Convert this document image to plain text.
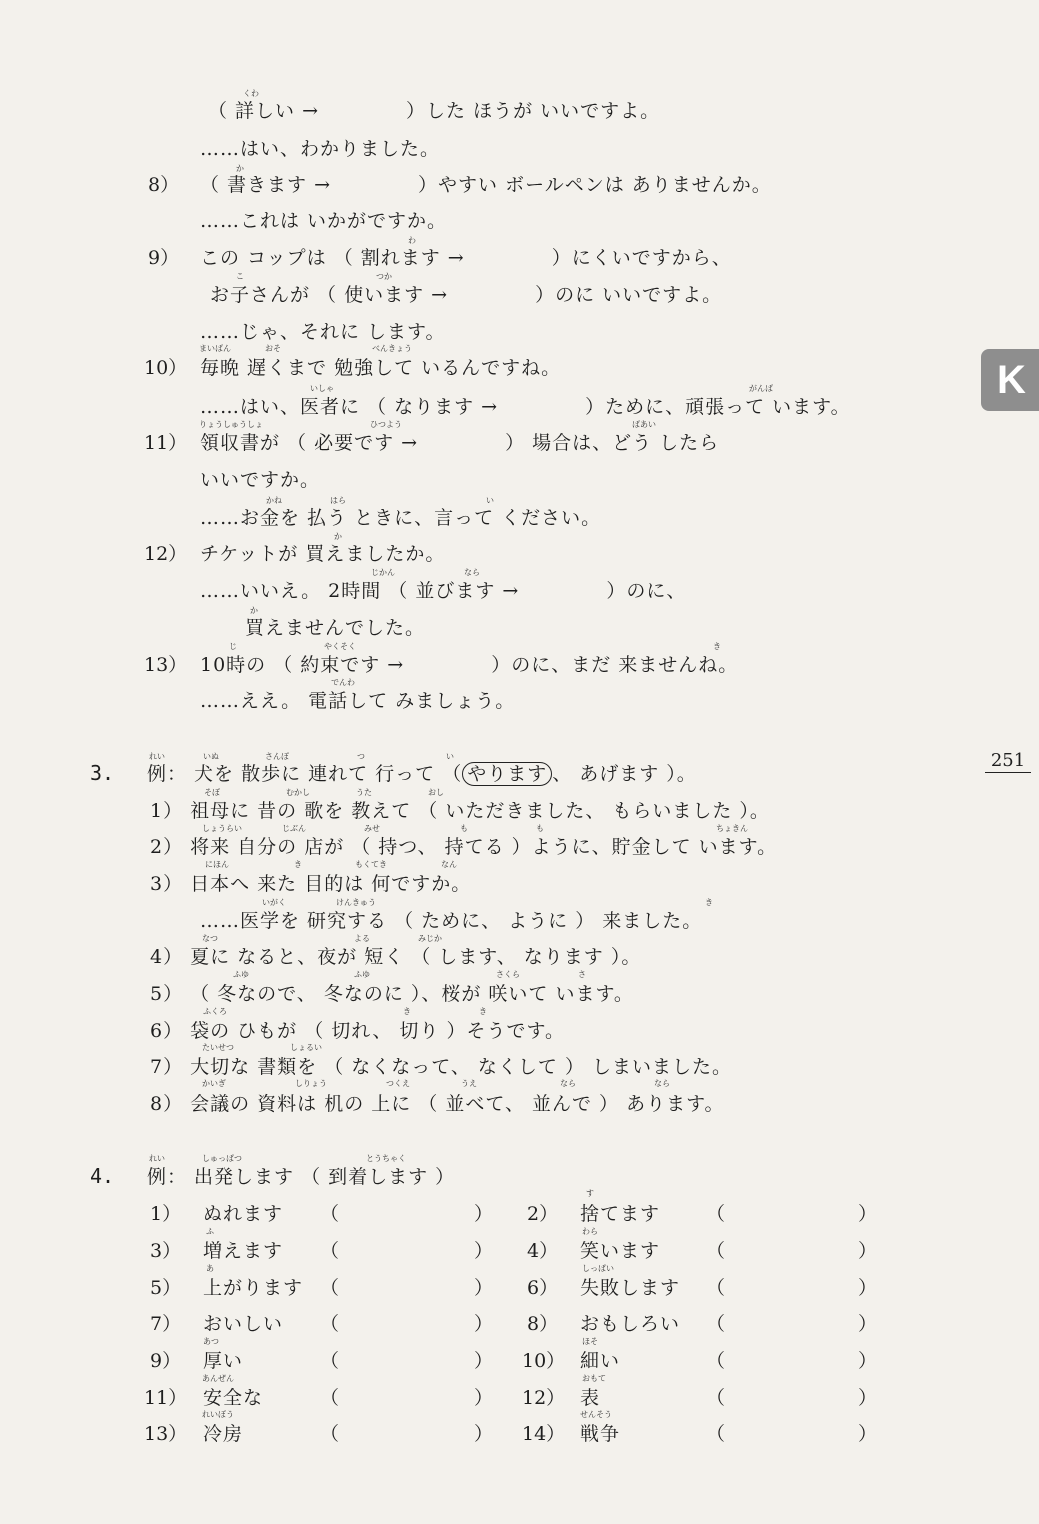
K
251
くわ
か
わ
こ	つか
まいばん	おそ	べんきょう
いしゃ	がんば
りょうしゅうしょ	ひつよう	ばあい
かね	はら	い
か
じかん	なら
か
じ	やくそく	き
でんわ
れい	いぬ	さんぽ	つ	い
そぼ	むかし	うた	おし
しょうらい	じぶん	みせ	も	も	ちょきん
にほん	き	もくてき	なん
いがく	けんきゅう	き
なつ	よる	みじか
ふゆ	ふゆ	さくら	さ
ふくろ	き	き
たいせつ	しょるい
かいぎ	しりょう	つくえ	うえ	なら	なら
れい	しゅっぱつ	とうちゃく
す
ふ	わら
あ	しっぱい
あつ	ほそ
あんぜん	おもて
れいぼう	せんそう
8）
9）
10）
11）
12）
13）
（ 詳しい →　　　　 ）した ほうが いいですよ。
……はい、わかりました。
（ 書きます →　　　　 ）やすい ボールペンは ありませんか。
……これは いかがですか。
この コップは （ 割れます →　　　　 ）にくいですから、
お子さんが （ 使います →　　　　 ）のに いいですよ。
……じゃ、それに します。
毎晩 遅くまで 勉強して いるんですね。
……はい、医者に （ なります →　　　　 ）ために、頑張って います。
領収書が （ 必要です →　　　　 ） 場合は、どう したら
いいですか。
……お金を 払う ときに、言って ください。
チケットが 買えましたか。
……いいえ。 2時間 （ 並びます →　　　　 ）のに、
買えませんでした。
10時の （ 約束です →　　　　 ）のに、まだ 来ませんね。
……ええ。 電話して みましょう。
1） 祖母に 昔の 歌を 教えて （ いただきました、 もらいました ）。
2） 将来 自分の 店が （ 持つ、 持てる ）ように、貯金して います。
3） 日本へ 来た 目的は 何ですか。
……医学を 研究する （ ために、 ように ） 来ました。
4） 夏に なると、夜が 短く （ します、 なります ）。
5） （ 冬なので、 冬なのに ）、桜が 咲いて います。
6） 袋の ひもが （ 切れ、 切り ）そうです。
7） 大切な 書類を （ なくなって、 なくして ） しまいました。
8） 会議の 資料は 机の 上に （ 並べて、 並んで ） あります。
3. 例： 犬を 散歩に 連れて 行って （ やります 、 あげます ）。
4. 例： 出発します （ 到着します ）
1） ぬれます （	） 2） 捨てます （	）
3） 増えます （	） 4） 笑います （	）
5） 上がります （	） 6） 失敗します （	）
7） おいしい （	） 8） おもしろい （	）
9） 厚い	（	） 10） 細い	（	）
11） 安全な	（	） 12） 表	（	）
13） 冷房	（	） 14） 戦争	（	）
